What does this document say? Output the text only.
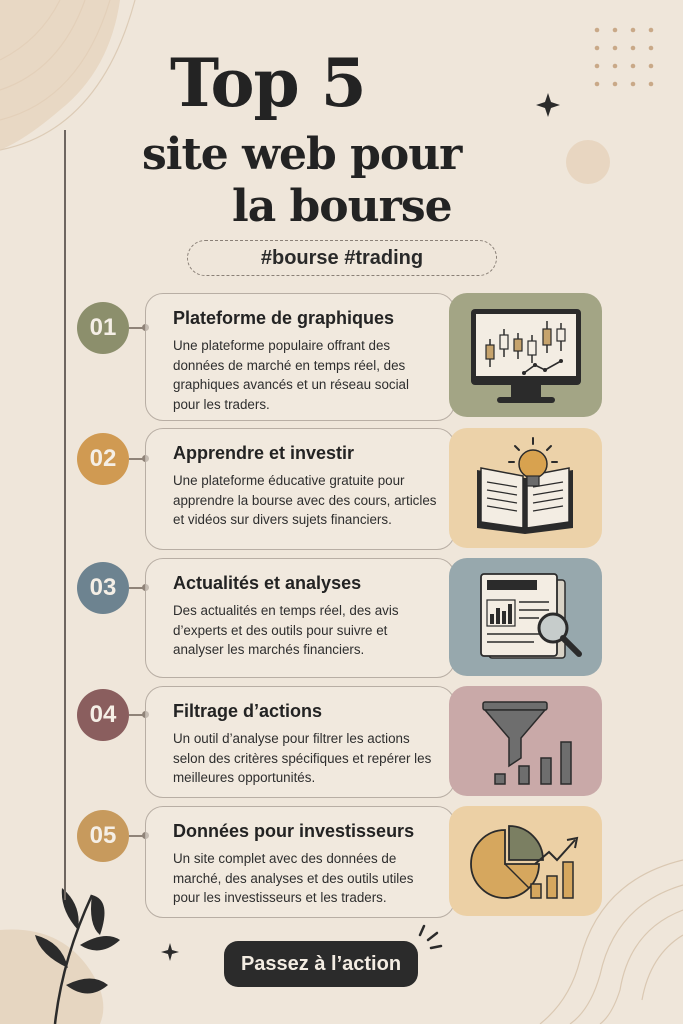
Top 5
site web pour
la bourse
#bourse #trading
01	Plateforme de graphiques
Une plateforme populaire offrant des données de marché en temps réel, des graphiques avancés et un réseau social pour les traders.
02	Apprendre et investir
Une plateforme éducative gratuite pour apprendre la bourse avec des cours, articles et vidéos sur divers sujets financiers.
03	Actualités et analyses
Des actualités en temps réel, des avis d’experts et des outils pour suivre et analyser les marchés financiers.
04	Filtrage d’actions
Un outil d’analyse pour filtrer les actions selon des critères spécifiques et repérer les meilleures opportunités.
05	Données pour investisseurs
Un site complet avec des données de marché, des analyses et des outils utiles pour les investisseurs et les traders.
Passez à l’action
